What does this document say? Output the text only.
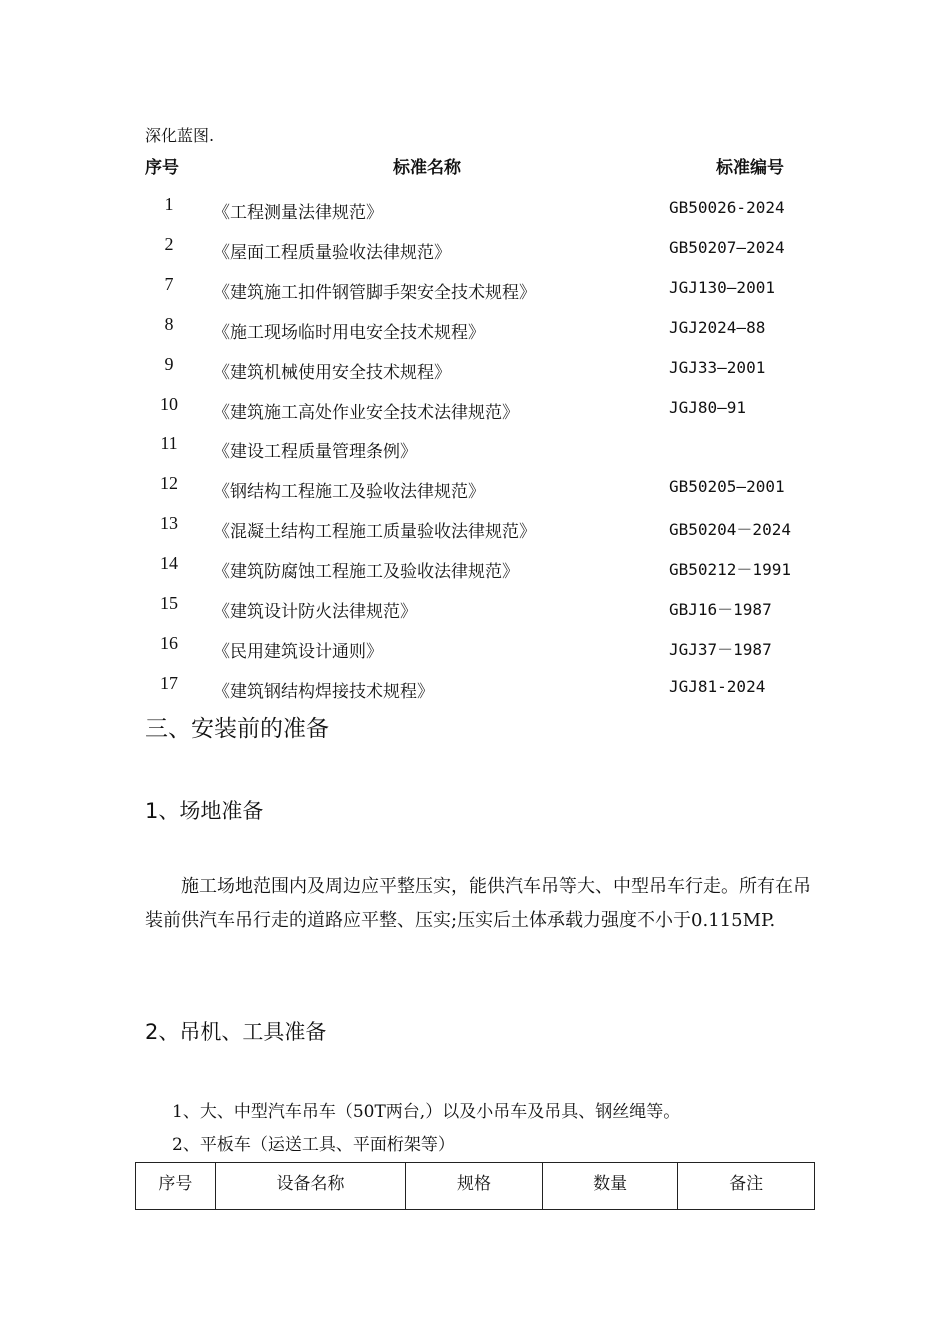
深化蓝图.
序号	标准名称	标准编号
1	《工程测量法律规范》	GB50026-2024
2	《屋面工程质量验收法律规范》	GB50207—2024
7	《建筑施工扣件钢管脚手架安全技术规程》	JGJ130—2001
8	《施工现场临时用电安全技术规程》	JGJ2024—88
9	《建筑机械使用安全技术规程》	JGJ33—2001
10	《建筑施工高处作业安全技术法律规范》	JGJ80—91
11	《建设工程质量管理条例》
12	《钢结构工程施工及验收法律规范》	GB50205—2001
13	《混凝土结构工程施工质量验收法律规范》	GB50204－2024
14	《建筑防腐蚀工程施工及验收法律规范》	GB50212－1991
15	《建筑设计防火法律规范》	GBJ16－1987
16	《民用建筑设计通则》	JGJ37－1987
17	《建筑钢结构焊接技术规程》	JGJ81-2024
三、安装前的准备
1、场地准备
施工场地范围内及周边应平整压实，能供汽车吊等大、中型吊车行走。所有在吊装前供汽车吊行走的道路应平整、压实;压实后土体承载力强度不小于0.115MP.
2、吊机、工具准备
1、大、中型汽车吊车（50T两台,）以及小吊车及吊具、钢丝绳等。
2、平板车（运送工具、平面桁架等）
序号	设备名称	规格	数量	备注
